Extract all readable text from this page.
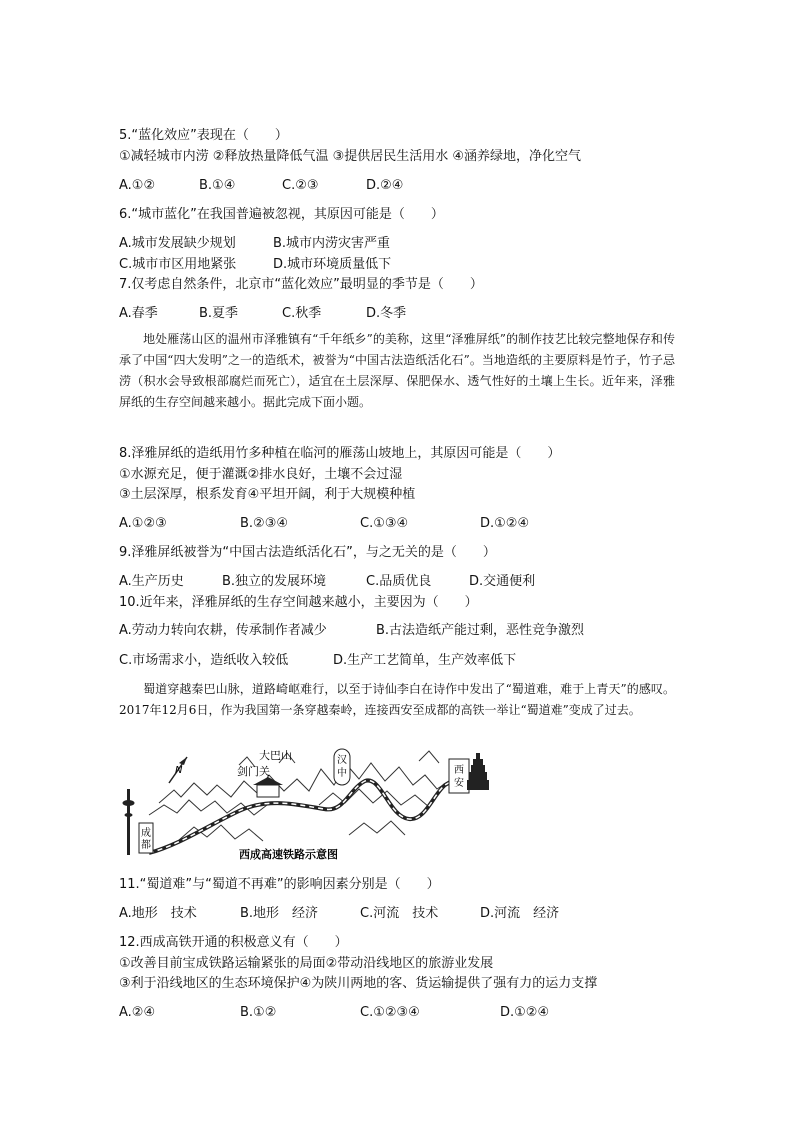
5.“蓝化效应”表现在（　　）
①减轻城市内涝 ②释放热量降低气温 ③提供居民生活用水 ④涵养绿地，净化空气
A.①②	B.①④	C.②③	D.②④
6.“城市蓝化”在我国普遍被忽视，其原因可能是（　　）
A.城市发展缺少规划	B.城市内涝灾害严重
C.城市市区用地紧张	D.城市环境质量低下
7.仅考虑自然条件，北京市“蓝化效应”最明显的季节是（　　）
A.春季	B.夏季	C.秋季	D.冬季
地处雁荡山区的温州市泽雅镇有“千年纸乡”的美称，这里“泽雅屏纸”的制作技艺比较完整地保存和传承了中国“四大发明”之一的造纸术，被誉为“中国古法造纸活化石”。当地造纸的主要原料是竹子，竹子忌涝（积水会导致根部腐烂而死亡），适宜在土层深厚、保肥保水、透气性好的土壤上生长。近年来，泽雅屏纸的生存空间越来越小。据此完成下面小题。
8.泽雅屏纸的造纸用竹多种植在临河的雁荡山坡地上，其原因可能是（　　）
①水源充足，便于灌溉②排水良好，土壤不会过湿
③土层深厚，根系发育④平坦开阔，利于大规模种植
A.①②③	B.②③④	C.①③④	D.①②④
9.泽雅屏纸被誉为“中国古法造纸活化石”，与之无关的是（　　）
A.生产历史	B.独立的发展环境	C.品质优良	D.交通便利
10.近年来，泽雅屏纸的生存空间越来越小，主要因为（　　）
A.劳动力转向农耕，传承制作者减少	B.古法造纸产能过剩，恶性竞争激烈
C.市场需求小，造纸收入较低	D.生产工艺简单，生产效率低下
蜀道穿越秦巴山脉，道路崎岖难行，以至于诗仙李白在诗作中发出了“蜀道难，难于上青天”的感叹。2017年12月6日，作为我国第一条穿越秦岭，连接西安至成都的高铁一举让“蜀道难”变成了过去。
N
成都
剑门关
大巴山	汉中	西安
西成高速铁路示意图
11.“蜀道难”与“蜀道不再难”的影响因素分别是（　　）
A.地形　技术	B.地形　经济	C.河流　技术	D.河流　经济
12.西成高铁开通的积极意义有（　　）
①改善目前宝成铁路运输紧张的局面②带动沿线地区的旅游业发展
③利于沿线地区的生态环境保护④为陕川两地的客、货运输提供了强有力的运力支撑
A.②④	B.①②	C.①②③④	D.①②④
